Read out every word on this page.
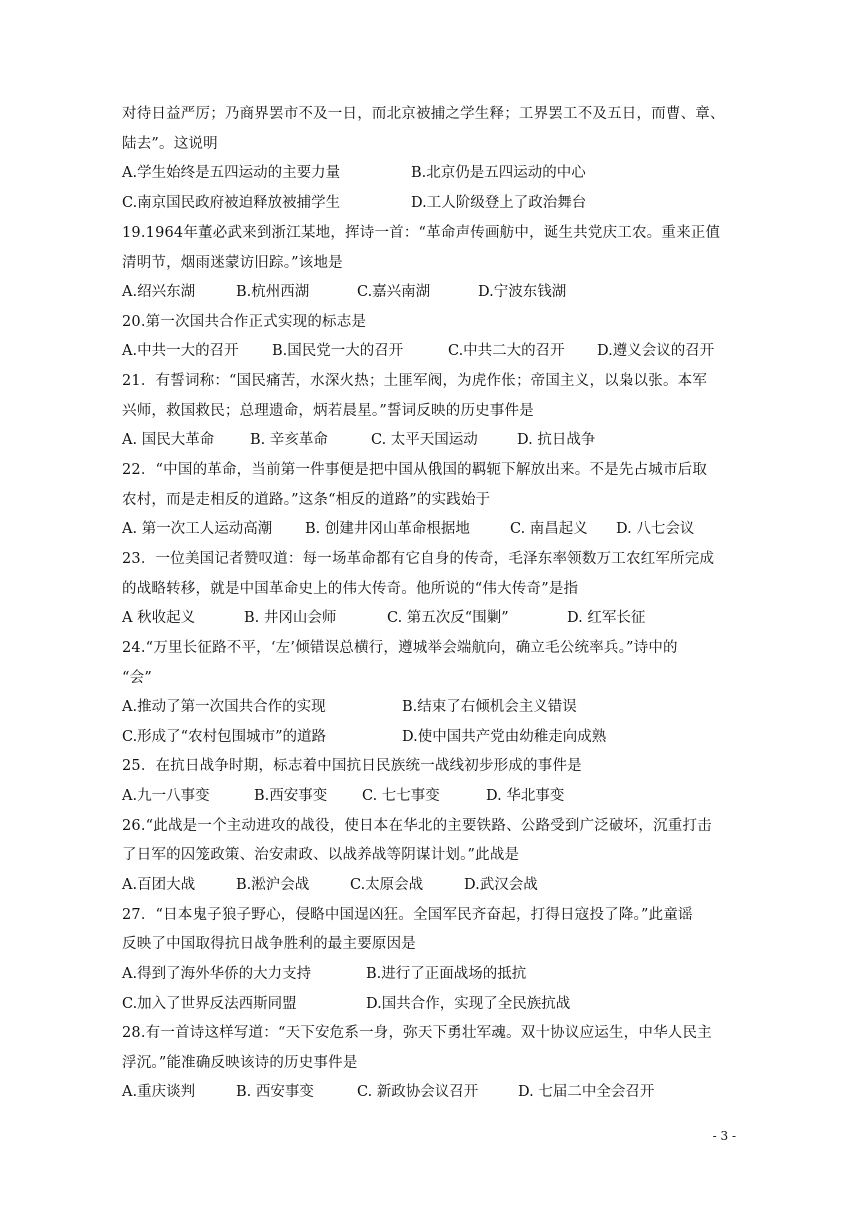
对待日益严厉；乃商界罢市不及一日，而北京被捕之学生释；工界罢工不及五日，而曹、章、
陆去”。这说明
A.学生始终是五四运动的主要力量	B.北京仍是五四运动的中心
C.南京国民政府被迫释放被捕学生	D.工人阶级登上了政治舞台
19.1964年董必武来到浙江某地，挥诗一首：“革命声传画舫中，诞生共党庆工农。重来正值
清明节，烟雨迷蒙访旧踪。”该地是
A.绍兴东湖	B.杭州西湖	C.嘉兴南湖	D.宁波东钱湖
20.第一次国共合作正式实现的标志是
A.中共一大的召开 B.国民党一大的召开	C.中共二大的召开 D.遵义会议的召开
21．有誓词称：“国民痛苦，水深火热；土匪军阀，为虎作伥；帝国主义，以枭以张。本军
兴师，救国救民；总理遗命，炳若晨星。”誓词反映的历史事件是
A. 国民大革命 B. 辛亥革命	C. 太平天国运动	D. 抗日战争
22．“中国的革命，当前第一件事便是把中国从俄国的羁轭下解放出来。不是先占城市后取
农村，而是走相反的道路。”这条“相反的道路”的实践始于
A. 第一次工人运动高潮 B. 创建井冈山革命根据地	C. 南昌起义 D. 八七会议
23．一位美国记者赞叹道：每一场革命都有它自身的传奇，毛泽东率领数万工农红军所完成
的战略转移，就是中国革命史上的伟大传奇。他所说的“伟大传奇”是指
A 秋收起义	B. 井冈山会师	C. 第五次反“围剿”	D. 红军长征
24.“万里长征路不平，‘左’倾错误总横行，遵城举会端航向，确立毛公统率兵。”诗中的
“会”
A.推动了第一次国共合作的实现	B.结束了右倾机会主义错误
C.形成了“农村包围城市”的道路	D.使中国共产党由幼稚走向成熟
25．在抗日战争时期，标志着中国抗日民族统一战线初步形成的事件是
A.九一八事变	B.西安事变 C. 七七事变	D. 华北事变
26.“此战是一个主动进攻的战役，使日本在华北的主要铁路、公路受到广泛破坏，沉重打击
了日军的囚笼政策、治安肃政、以战养战等阴谋计划。”此战是
A.百团大战	B.淞沪会战	C.太原会战	D.武汉会战
27．“日本鬼子狼子野心，侵略中国逞凶狂。全国军民齐奋起，打得日寇投了降。”此童谣
反映了中国取得抗日战争胜利的最主要原因是
A.得到了海外华侨的大力支持	B.进行了正面战场的抵抗
C.加入了世界反法西斯同盟	D.国共合作，实现了全民族抗战
28.有一首诗这样写道：“天下安危系一身，弥天下勇壮军魂。双十协议应运生，中华人民主
浮沉。”能准确反映该诗的历史事件是
A.重庆谈判	B. 西安事变	C. 新政协会议召开	D. 七届二中全会召开
- 3 -
